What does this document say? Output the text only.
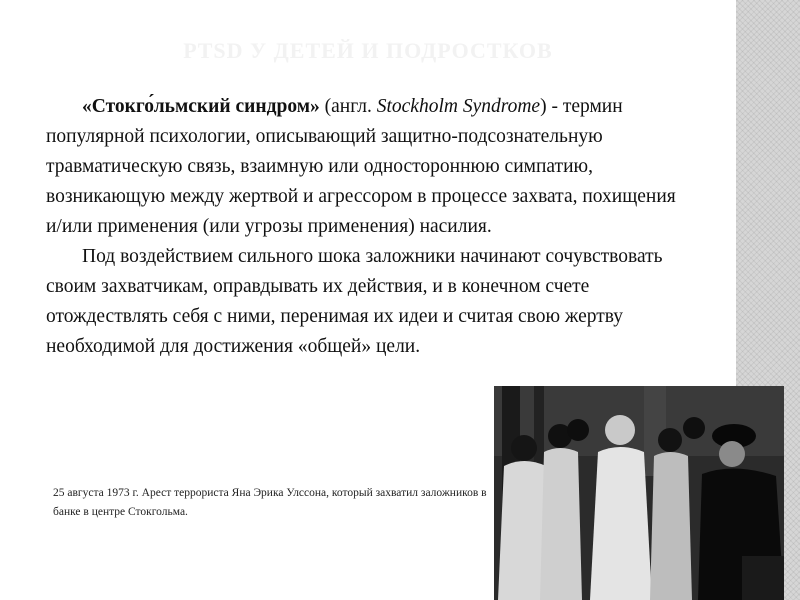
PTSD У ДЕТЕЙ И ПОДРОСТКОВ

«Стокго́льмский синдром» (англ. Stockholm Syndrome) - термин популярной психологии, описывающий защитно-подсознательную травматическую связь, взаимную или одностороннюю симпатию, возникающую между жертвой и агрессором в процессе захвата, похищения и/или применения (или угрозы применения) насилия.

Под воздействием сильного шока заложники начинают сочувствовать своим захватчикам, оправдывать их действия, и в конечном счете отождествлять себя с ними, перенимая их идеи и считая свою жертву необходимой для достижения «общей» цели.

25 августа 1973 г. Арест террориста Яна Эрика Улссона, который захватил заложников в банке в центре Стокгольма.
